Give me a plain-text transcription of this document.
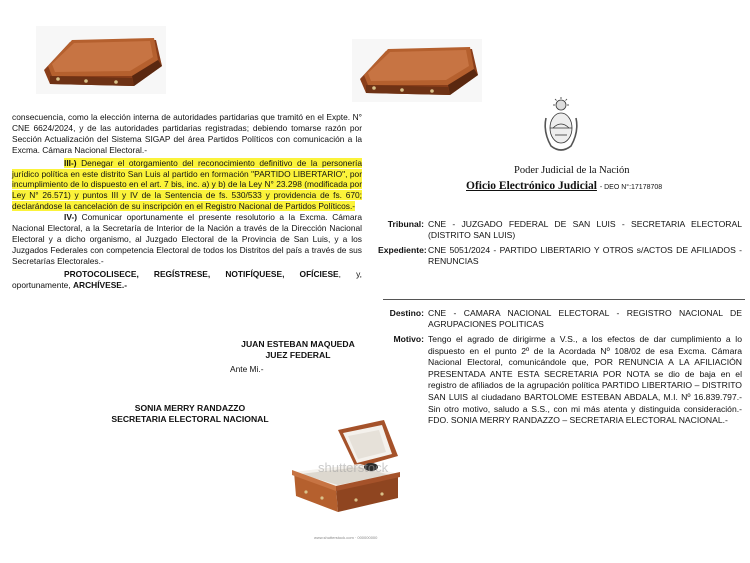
consecuencia, como la elección interna de autoridades partidarias que tramitó en el Expte. N° CNE 6624/2024, y de las autoridades partidarias registradas; debiendo tomarse razón por Sección Actualización del Sistema SIGAP del área Partidos Políticos con comunicación a la Excma. Cámara Nacional Electoral.-

III-) Denegar el otorgamiento del reconocimiento definitivo de la personería jurídico política en este distrito San Luis al partido en formación "PARTIDO LIBERTARIO", por incumplimiento de lo dispuesto en el art. 7 bis, inc. a) y b) de la Ley N° 23.298 (modificada por Ley N° 26.571) y puntos III y IV de la Sentencia de fs. 530/533 y providencia de fs. 670; declarándose la cancelación de su inscripción en el Registro Nacional de Partidos Políticos.-

IV-) Comunicar oportunamente el presente resolutorio a la Excma. Cámara Nacional Electoral, a la Secretaría de Interior de la Nación a través de la Dirección Nacional Electoral y a dicho organismo, al Juzgado Electoral de la Provincia de San Luis, y a los Juzgados Federales con competencia Electoral de todos los Distritos del país a través de sus Secretarías Electorales.-

PROTOCOLISECE, REGÍSTRESE, NOTIFÍQUESE, OFÍCIESE, y, oportunamente, ARCHÍVESE.-

JUAN ESTEBAN MAQUEDA
JUEZ FEDERAL
Ante Mi.-
SONIA MERRY RANDAZZO
SECRETARIA ELECTORAL NACIONAL
shutterstock
www.shutterstock.com · 000000000
Poder Judicial de la Nación
Oficio Electrónico Judicial - DEO N°:17178708
Tribunal: CNE - JUZGADO FEDERAL DE SAN LUIS - SECRETARIA ELECTORAL (DISTRITO SAN LUIS)
Expediente: CNE 5051/2024 - PARTIDO LIBERTARIO Y OTROS s/ACTOS DE AFILIADOS - RENUNCIAS
Destino: CNE - CAMARA NACIONAL ELECTORAL - REGISTRO NACIONAL DE AGRUPACIONES POLITICAS
Motivo: Tengo el agrado de dirigirme a V.S., a los efectos de dar cumplimiento a lo dispuesto en el punto 2º de la Acordada Nº 108/02 de esa Excma. Cámara Nacional Electoral, comunicándole que, POR RENUNCIA A LA AFILIACIÓN PRESENTADA ANTE ESTA SECRETARIA POR NOTA se dio de baja en el registro de afiliados de la agrupación política PARTIDO LIBERTARIO – DISTRITO SAN LUIS al ciudadano BARTOLOME ESTEBAN ABDALA, M.I. Nº 16.839.797.- Sin otro motivo, saludo a S.S., con mi más atenta y distinguida consideración.- FDO. SONIA MERRY RANDAZZO – SECRETARIA ELECTORAL NACIONAL.-
